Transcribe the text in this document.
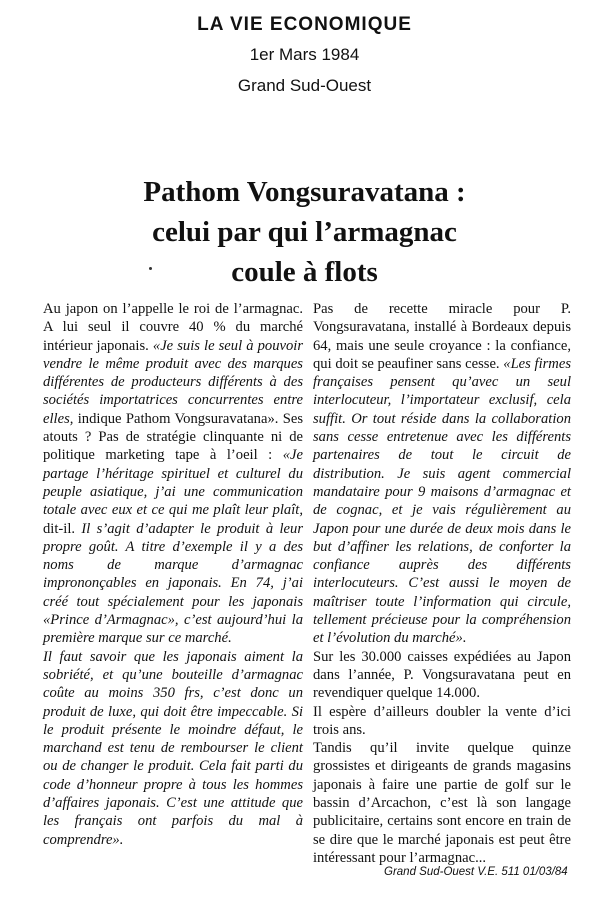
LA VIE ECONOMIQUE
1er Mars 1984
Grand Sud-Ouest
Pathom Vongsuravatana :
celui par qui l’armagnac
coule à flots

Au japon on l’appelle le roi de l’armagnac. A lui seul il couvre 40 % du marché intérieur japonais. «Je suis le seul à pouvoir vendre le même produit avec des marques différentes de producteurs différents à des sociétés importatrices concurrentes entre elles, indique Pathom Vongsuravatana». Ses atouts ? Pas de stratégie clinquante ni de politique marketing tape à l’oeil : «Je partage l’héritage spirituel et culturel du peuple asiatique, j’ai une communication totale avec eux et ce qui me plaît leur plaît, dit-il. Il s’agit d’adapter le produit à leur propre goût. A titre d’exemple il y a des noms de marque d’armagnac imprononçables en japonais. En 74, j’ai créé tout spécialement pour les japonais «Prince d’Armagnac», c’est aujourd’hui la première marque sur ce marché.

Il faut savoir que les japonais aiment la sobriété, et qu’une bouteille d’armagnac coûte au moins 350 frs, c’est donc un produit de luxe, qui doit être impeccable. Si le produit présente le moindre défaut, le marchand est tenu de rembourser le client ou de changer le produit. Cela fait parti du code d’honneur propre à tous les hommes d’affaires japonais. C’est une attitude que les français ont parfois du mal à comprendre».

Pas de recette miracle pour P. Vongsuravatana, installé à Bordeaux depuis 64, mais une seule croyance : la confiance, qui doit se peaufiner sans cesse. «Les firmes françaises pensent qu’avec un seul interlocuteur, l’importateur exclusif, cela suffit. Or tout réside dans la collaboration sans cesse entretenue avec les différents partenaires de tout le circuit de distribution. Je suis agent commercial mandataire pour 9 maisons d’armagnac et de cognac, et je vais régulièrement au Japon pour une durée de deux mois dans le but d’affiner les relations, de conforter la confiance auprès des différents interlocuteurs. C’est aussi le moyen de maîtriser toute l’information qui circule, tellement précieuse pour la compréhension et l’évolution du marché».

Sur les 30.000 caisses expédiées au Japon dans l’année, P. Vongsuravatana peut en revendiquer quelque 14.000.

Il espère d’ailleurs doubler la vente d’ici trois ans.

Tandis qu’il invite quelque quinze grossistes et dirigeants de grands magasins japonais à faire une partie de golf sur le bassin d’Arcachon, c’est là son langage publicitaire, certains sont encore en train de se dire que le marché japonais est peut être intéressant pour l’armagnac...

Grand Sud-Ouest V.E. 511 01/03/84
